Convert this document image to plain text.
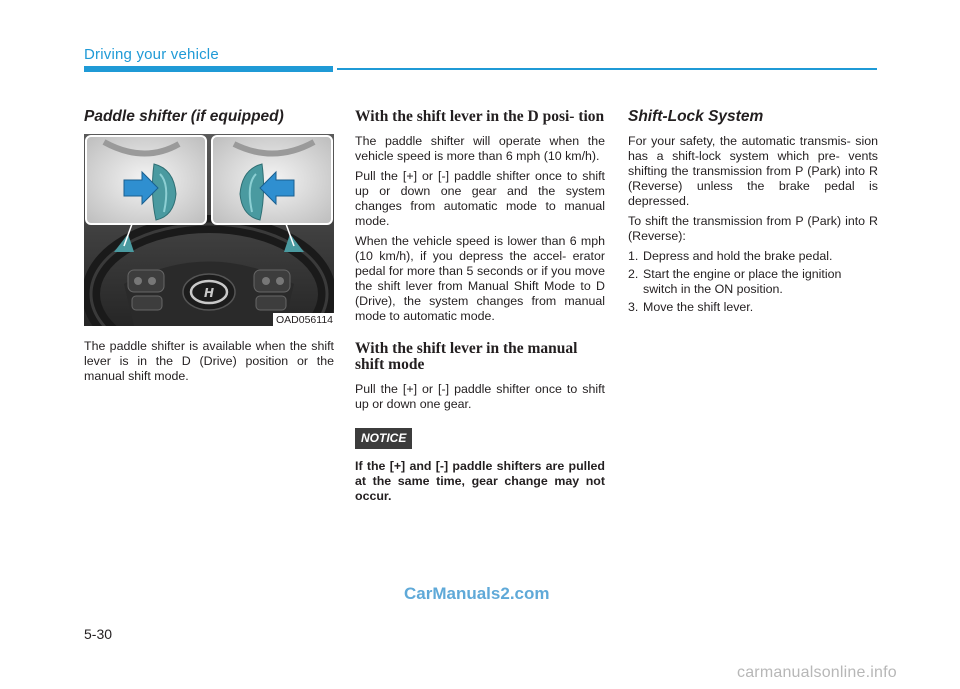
Driving your vehicle
Paddle shifter (if equipped)
H
OAD056114

The paddle shifter is available when the shift lever is in the D (Drive) position or the manual shift mode.

With the shift lever in the D posi- tion

The paddle shifter will operate when the vehicle speed is more than 6 mph (10 km/h).

Pull the [+] or [-] paddle shifter once to shift up or down one gear and the system changes from automatic mode to manual mode.

When the vehicle speed is lower than 6 mph (10 km/h), if you depress the accel- erator pedal for more than 5 seconds or if you move the shift lever from Manual Shift Mode to D (Drive), the system changes from manual mode to automatic mode.

With the shift lever in the manual shift mode

Pull the [+] or [-] paddle shifter once to shift up or down one gear.

NOTICE

If the [+] and [-] paddle shifters are pulled at the same time, gear change may not occur.

Shift-Lock System

For your safety, the automatic transmis- sion has a shift-lock system which pre- vents shifting the transmission from P (Park) into R (Reverse) unless the brake pedal is depressed.

To shift the transmission from P (Park) into R (Reverse):

1. Depress and hold the brake pedal.
2. Start the engine or place the ignition switch in the ON position.
3. Move the shift lever.
CarManuals2.com
5-30
carmanualsonline.info
